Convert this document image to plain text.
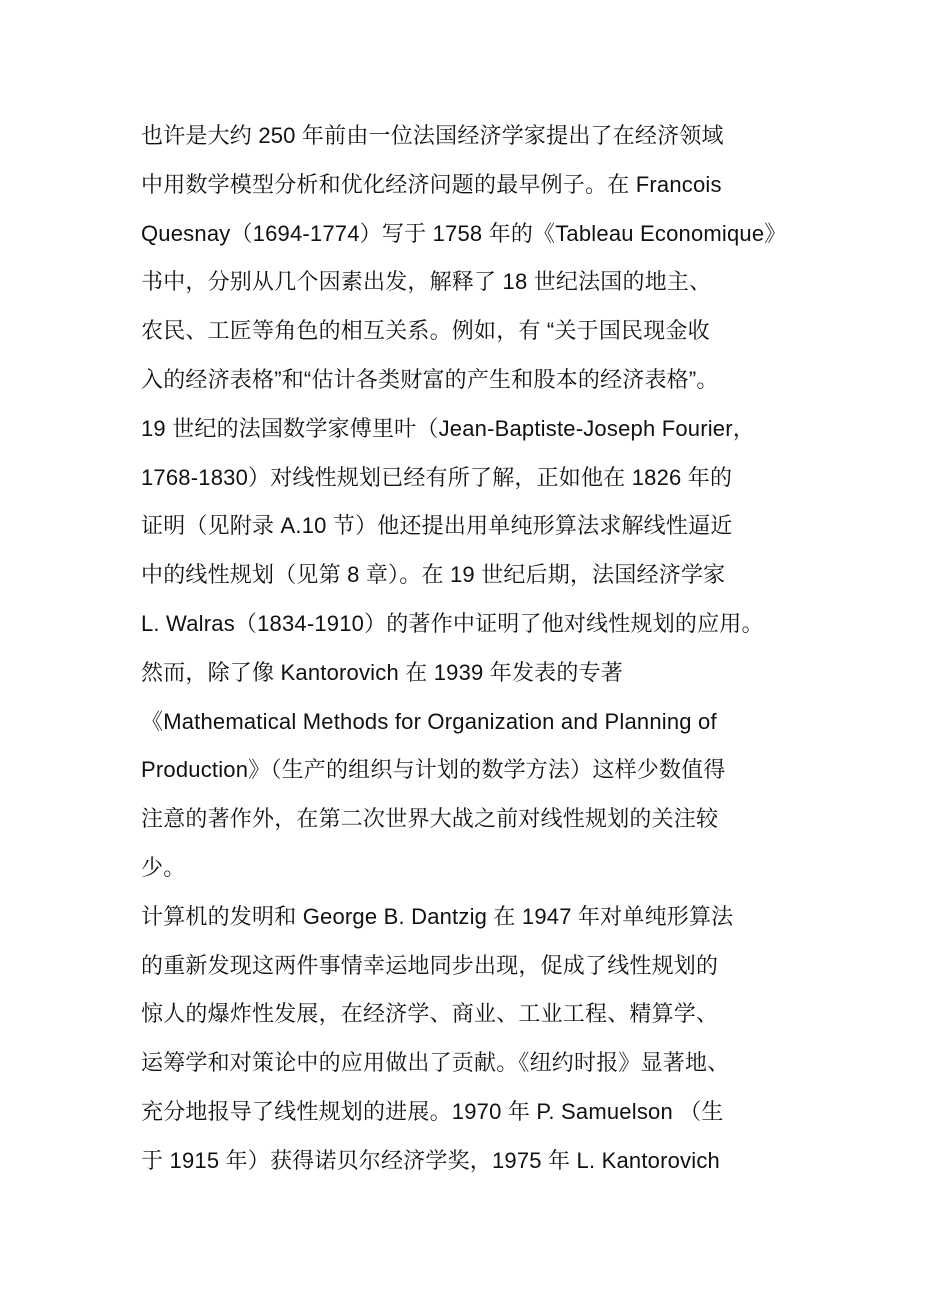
也许是大约 250 年前由一位法国经济学家提出了在经济领域
中用数学模型分析和优化经济问题的最早例子。在 Francois
Quesnay（1694-1774）写于 1758 年的《Tableau Economique》
书中，分别从几个因素出发，解释了 18 世纪法国的地主、
农民、工匠等角色的相互关系。例如，有 “关于国民现金收
入的经济表格”和“估计各类财富的产生和股本的经济表格”。
19 世纪的法国数学家傅里叶（Jean-Baptiste-Joseph Fourier，
1768-1830）对线性规划已经有所了解，正如他在 1826 年的
证明（见附录 A.10 节）他还提出用单纯形算法求解线性逼近
中的线性规划（见第 8 章）。在 19 世纪后期，法国经济学家
L. Walras（1834-1910）的著作中证明了他对线性规划的应用。
然而，除了像 Kantorovich 在 1939 年发表的专著
《Mathematical Methods for Organization and Planning of
Production》（生产的组织与计划的数学方法）这样少数值得
注意的著作外，在第二次世界大战之前对线性规划的关注较
少。
计算机的发明和 George B. Dantzig 在 1947 年对单纯形算法
的重新发现这两件事情幸运地同步出现，促成了线性规划的
惊人的爆炸性发展，在经济学、商业、工业工程、精算学、
运筹学和对策论中的应用做出了贡献。《纽约时报》显著地、
充分地报导了线性规划的进展。1970 年 P. Samuelson （生
于 1915 年）获得诺贝尔经济学奖，1975 年 L. Kantorovich
